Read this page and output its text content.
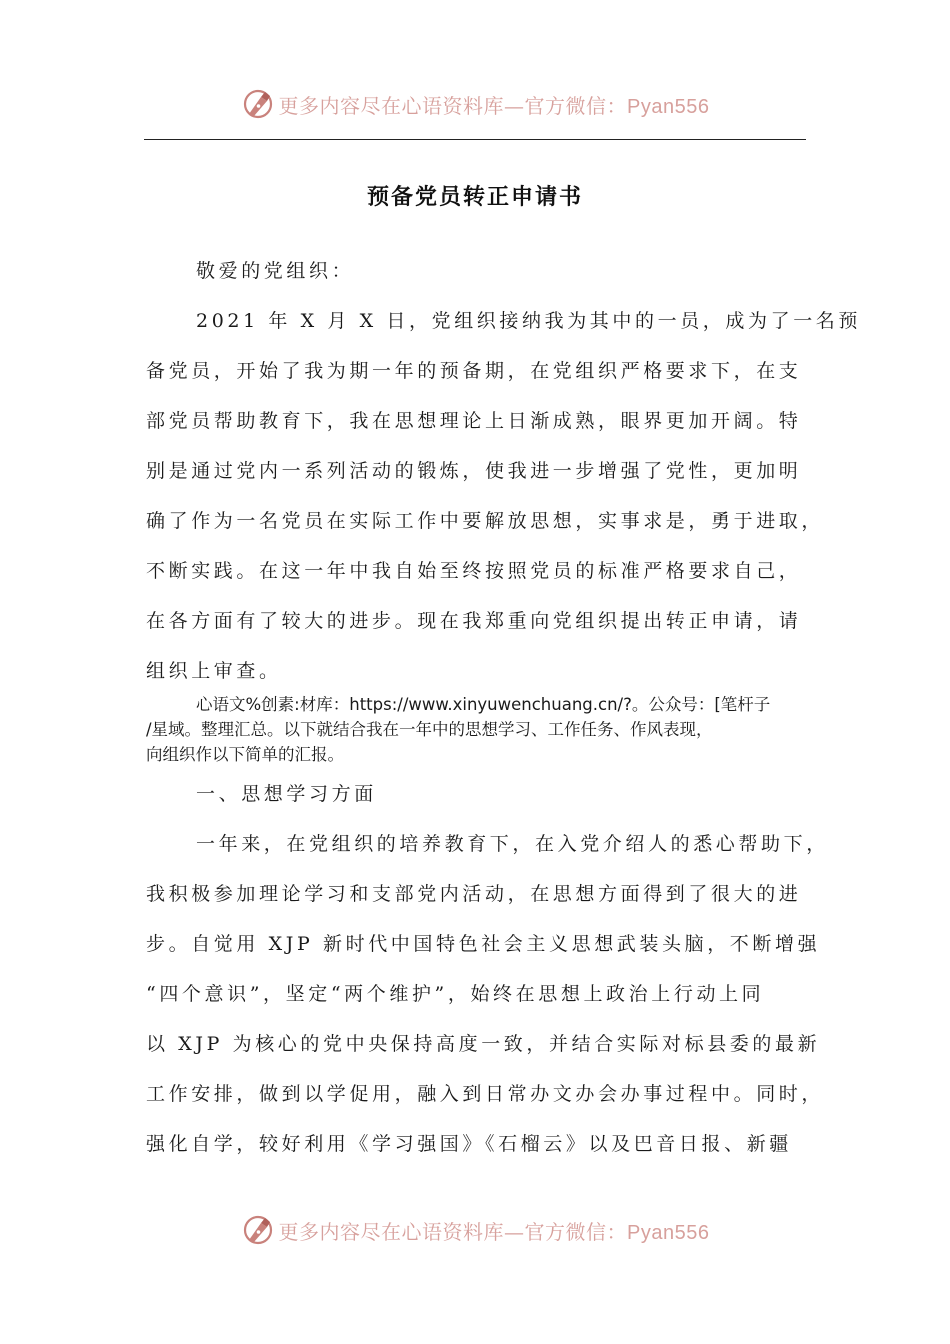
更多内容尽在心语资料库—官方微信：Pyan556
预备党员转正申请书
敬爱的党组织：
2021 年 X 月 X 日，党组织接纳我为其中的一员，成为了一名预
备党员，开始了我为期一年的预备期，在党组织严格要求下，在支
部党员帮助教育下，我在思想理论上日渐成熟，眼界更加开阔。特
别是通过党内一系列活动的锻炼，使我进一步增强了党性，更加明
确了作为一名党员在实际工作中要解放思想，实事求是，勇于进取，
不断实践。在这一年中我自始至终按照党员的标准严格要求自己，
在各方面有了较大的进步。现在我郑重向党组织提出转正申请，请
组织上审查。
心语文%创素:材库：https://www.xinyuwenchuang.cn/?。公众号：[笔杆子
/星域。整理汇总。以下就结合我在一年中的思想学习、工作任务、作风表现，
向组织作以下简单的汇报。
一、思想学习方面
一年来，在党组织的培养教育下，在入党介绍人的悉心帮助下，
我积极参加理论学习和支部党内活动，在思想方面得到了很大的进
步。自觉用 XJP 新时代中国特色社会主义思想武装头脑，不断增强
“四个意识”，坚定“两个维护”，始终在思想上政治上行动上同
以 XJP 为核心的党中央保持高度一致，并结合实际对标县委的最新
工作安排，做到以学促用，融入到日常办文办会办事过程中。同时，
强化自学，较好利用《学习强国》《石榴云》以及巴音日报、新疆
更多内容尽在心语资料库—官方微信：Pyan556
